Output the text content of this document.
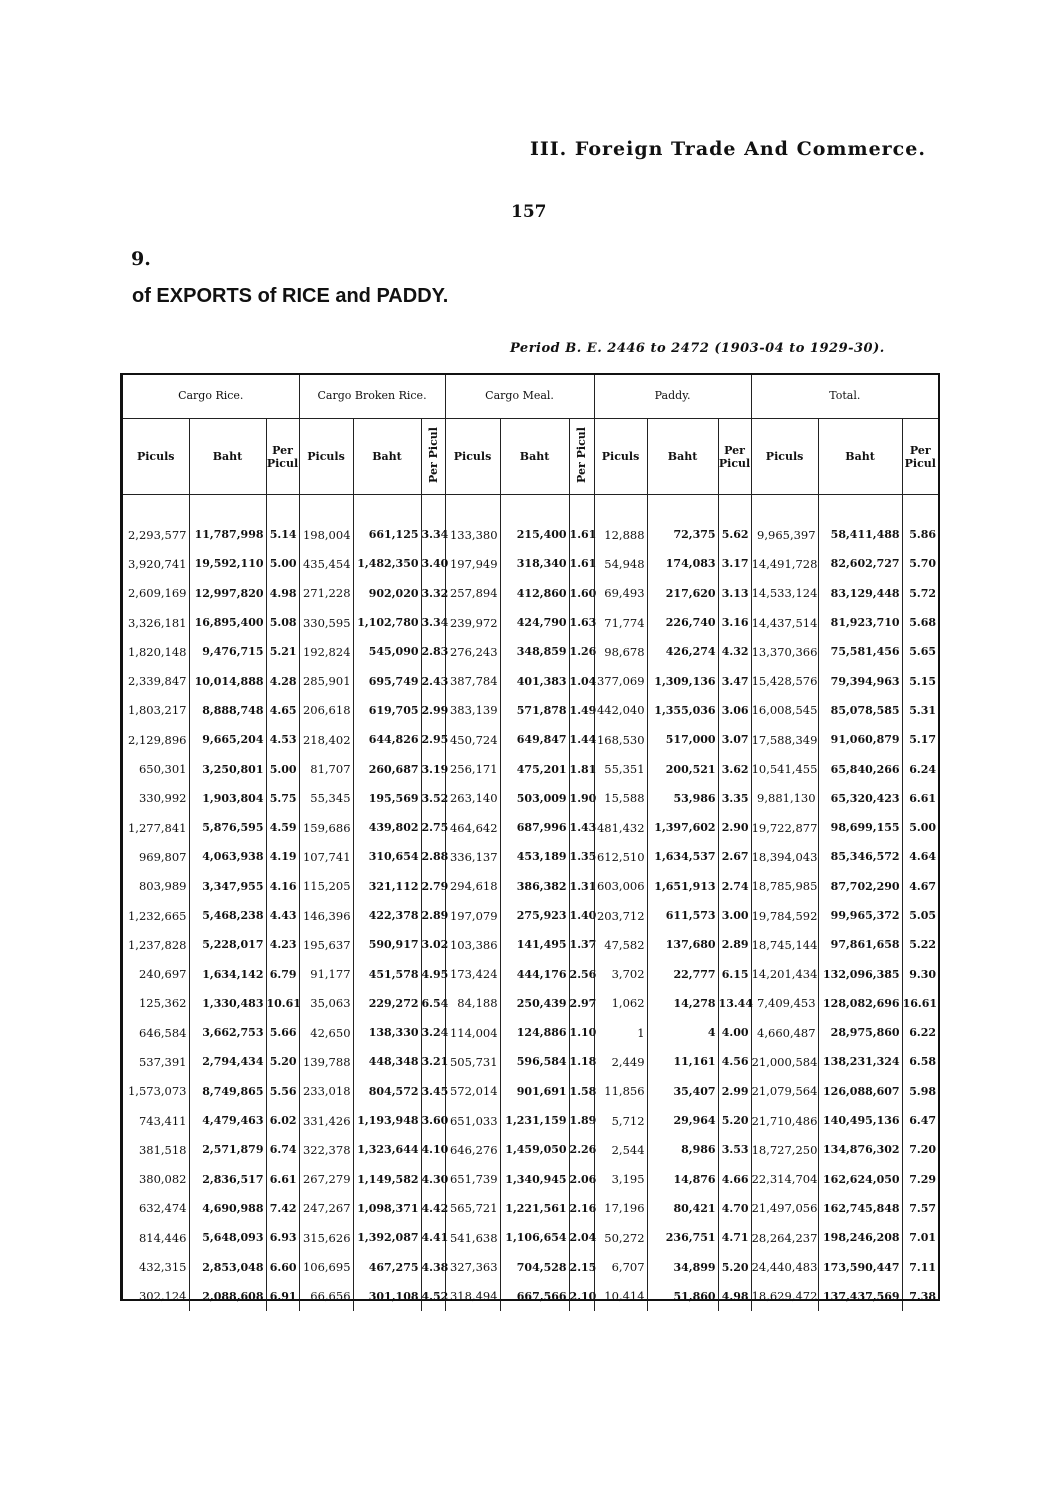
III. Foreign Trade And Commerce.
157
9.
of EXPORTS of RICE and PADDY.
Period B. E. 2446 to 2472 (1903-04 to 1929-30).
Cargo Rice.			Cargo Broken Rice.			Cargo Meal.			Paddy.			Total.		
Piculs	Baht	Per Picul	Piculs	Baht	Per Picul	Piculs	Baht	Per Picul	Piculs	Baht	Per Picul	Piculs	Baht	Per Picul

2,293,577	11,787,998	5.14	198,004	661,125	3.34	133,380	215,400	1.61	12,888	72,375	5.62	9,965,397	58,411,488	5.86
3,920,741	19,592,110	5.00	435,454	1,482,350	3.40	197,949	318,340	1.61	54,948	174,083	3.17	14,491,728	82,602,727	5.70
2,609,169	12,997,820	4.98	271,228	902,020	3.32	257,894	412,860	1.60	69,493	217,620	3.13	14,533,124	83,129,448	5.72
3,326,181	16,895,400	5.08	330,595	1,102,780	3.34	239,972	424,790	1.63	71,774	226,740	3.16	14,437,514	81,923,710	5.68
1,820,148	9,476,715	5.21	192,824	545,090	2.83	276,243	348,859	1.26	98,678	426,274	4.32	13,370,366	75,581,456	5.65
2,339,847	10,014,888	4.28	285,901	695,749	2.43	387,784	401,383	1.04	377,069	1,309,136	3.47	15,428,576	79,394,963	5.15
1,803,217	8,888,748	4.65	206,618	619,705	2.99	383,139	571,878	1.49	442,040	1,355,036	3.06	16,008,545	85,078,585	5.31
2,129,896	9,665,204	4.53	218,402	644,826	2.95	450,724	649,847	1.44	168,530	517,000	3.07	17,588,349	91,060,879	5.17
650,301	3,250,801	5.00	81,707	260,687	3.19	256,171	475,201	1.81	55,351	200,521	3.62	10,541,455	65,840,266	6.24
330,992	1,903,804	5.75	55,345	195,569	3.52	263,140	503,009	1.90	15,588	53,986	3.35	9,881,130	65,320,423	6.61
1,277,841	5,876,595	4.59	159,686	439,802	2.75	464,642	687,996	1.43	481,432	1,397,602	2.90	19,722,877	98,699,155	5.00
969,807	4,063,938	4.19	107,741	310,654	2.88	336,137	453,189	1.35	612,510	1,634,537	2.67	18,394,043	85,346,572	4.64
803,989	3,347,955	4.16	115,205	321,112	2.79	294,618	386,382	1.31	603,006	1,651,913	2.74	18,785,985	87,702,290	4.67
1,232,665	5,468,238	4.43	146,396	422,378	2.89	197,079	275,923	1.40	203,712	611,573	3.00	19,784,592	99,965,372	5.05
1,237,828	5,228,017	4.23	195,637	590,917	3.02	103,386	141,495	1.37	47,582	137,680	2.89	18,745,144	97,861,658	5.22
240,697	1,634,142	6.79	91,177	451,578	4.95	173,424	444,176	2.56	3,702	22,777	6.15	14,201,434	132,096,385	9.30
125,362	1,330,483	10.61	35,063	229,272	6.54	84,188	250,439	2.97	1,062	14,278	13.44	7,409,453	128,082,696	16.61
646,584	3,662,753	5.66	42,650	138,330	3.24	114,004	124,886	1.10	1	4	4.00	4,660,487	28,975,860	6.22
537,391	2,794,434	5.20	139,788	448,348	3.21	505,731	596,584	1.18	2,449	11,161	4.56	21,000,584	138,231,324	6.58
1,573,073	8,749,865	5.56	233,018	804,572	3.45	572,014	901,691	1.58	11,856	35,407	2.99	21,079,564	126,088,607	5.98
743,411	4,479,463	6.02	331,426	1,193,948	3.60	651,033	1,231,159	1.89	5,712	29,964	5.20	21,710,486	140,495,136	6.47
381,518	2,571,879	6.74	322,378	1,323,644	4.10	646,276	1,459,050	2.26	2,544	8,986	3.53	18,727,250	134,876,302	7.20
380,082	2,836,517	6.61	267,279	1,149,582	4.30	651,739	1,340,945	2.06	3,195	14,876	4.66	22,314,704	162,624,050	7.29
632,474	4,690,988	7.42	247,267	1,098,371	4.42	565,721	1,221,561	2.16	17,196	80,421	4.70	21,497,056	162,745,848	7.57
814,446	5,648,093	6.93	315,626	1,392,087	4.41	541,638	1,106,654	2.04	50,272	236,751	4.71	28,264,237	198,246,208	7.01
432,315	2,853,048	6.60	106,695	467,275	4.38	327,363	704,528	2.15	6,707	34,899	5.20	24,440,483	173,590,447	7.11
302,124	2,088,608	6.91	66,656	301,108	4.52	318,494	667,566	2.10	10,414	51,860	4.98	18,629,472	137,437,569	7.38
